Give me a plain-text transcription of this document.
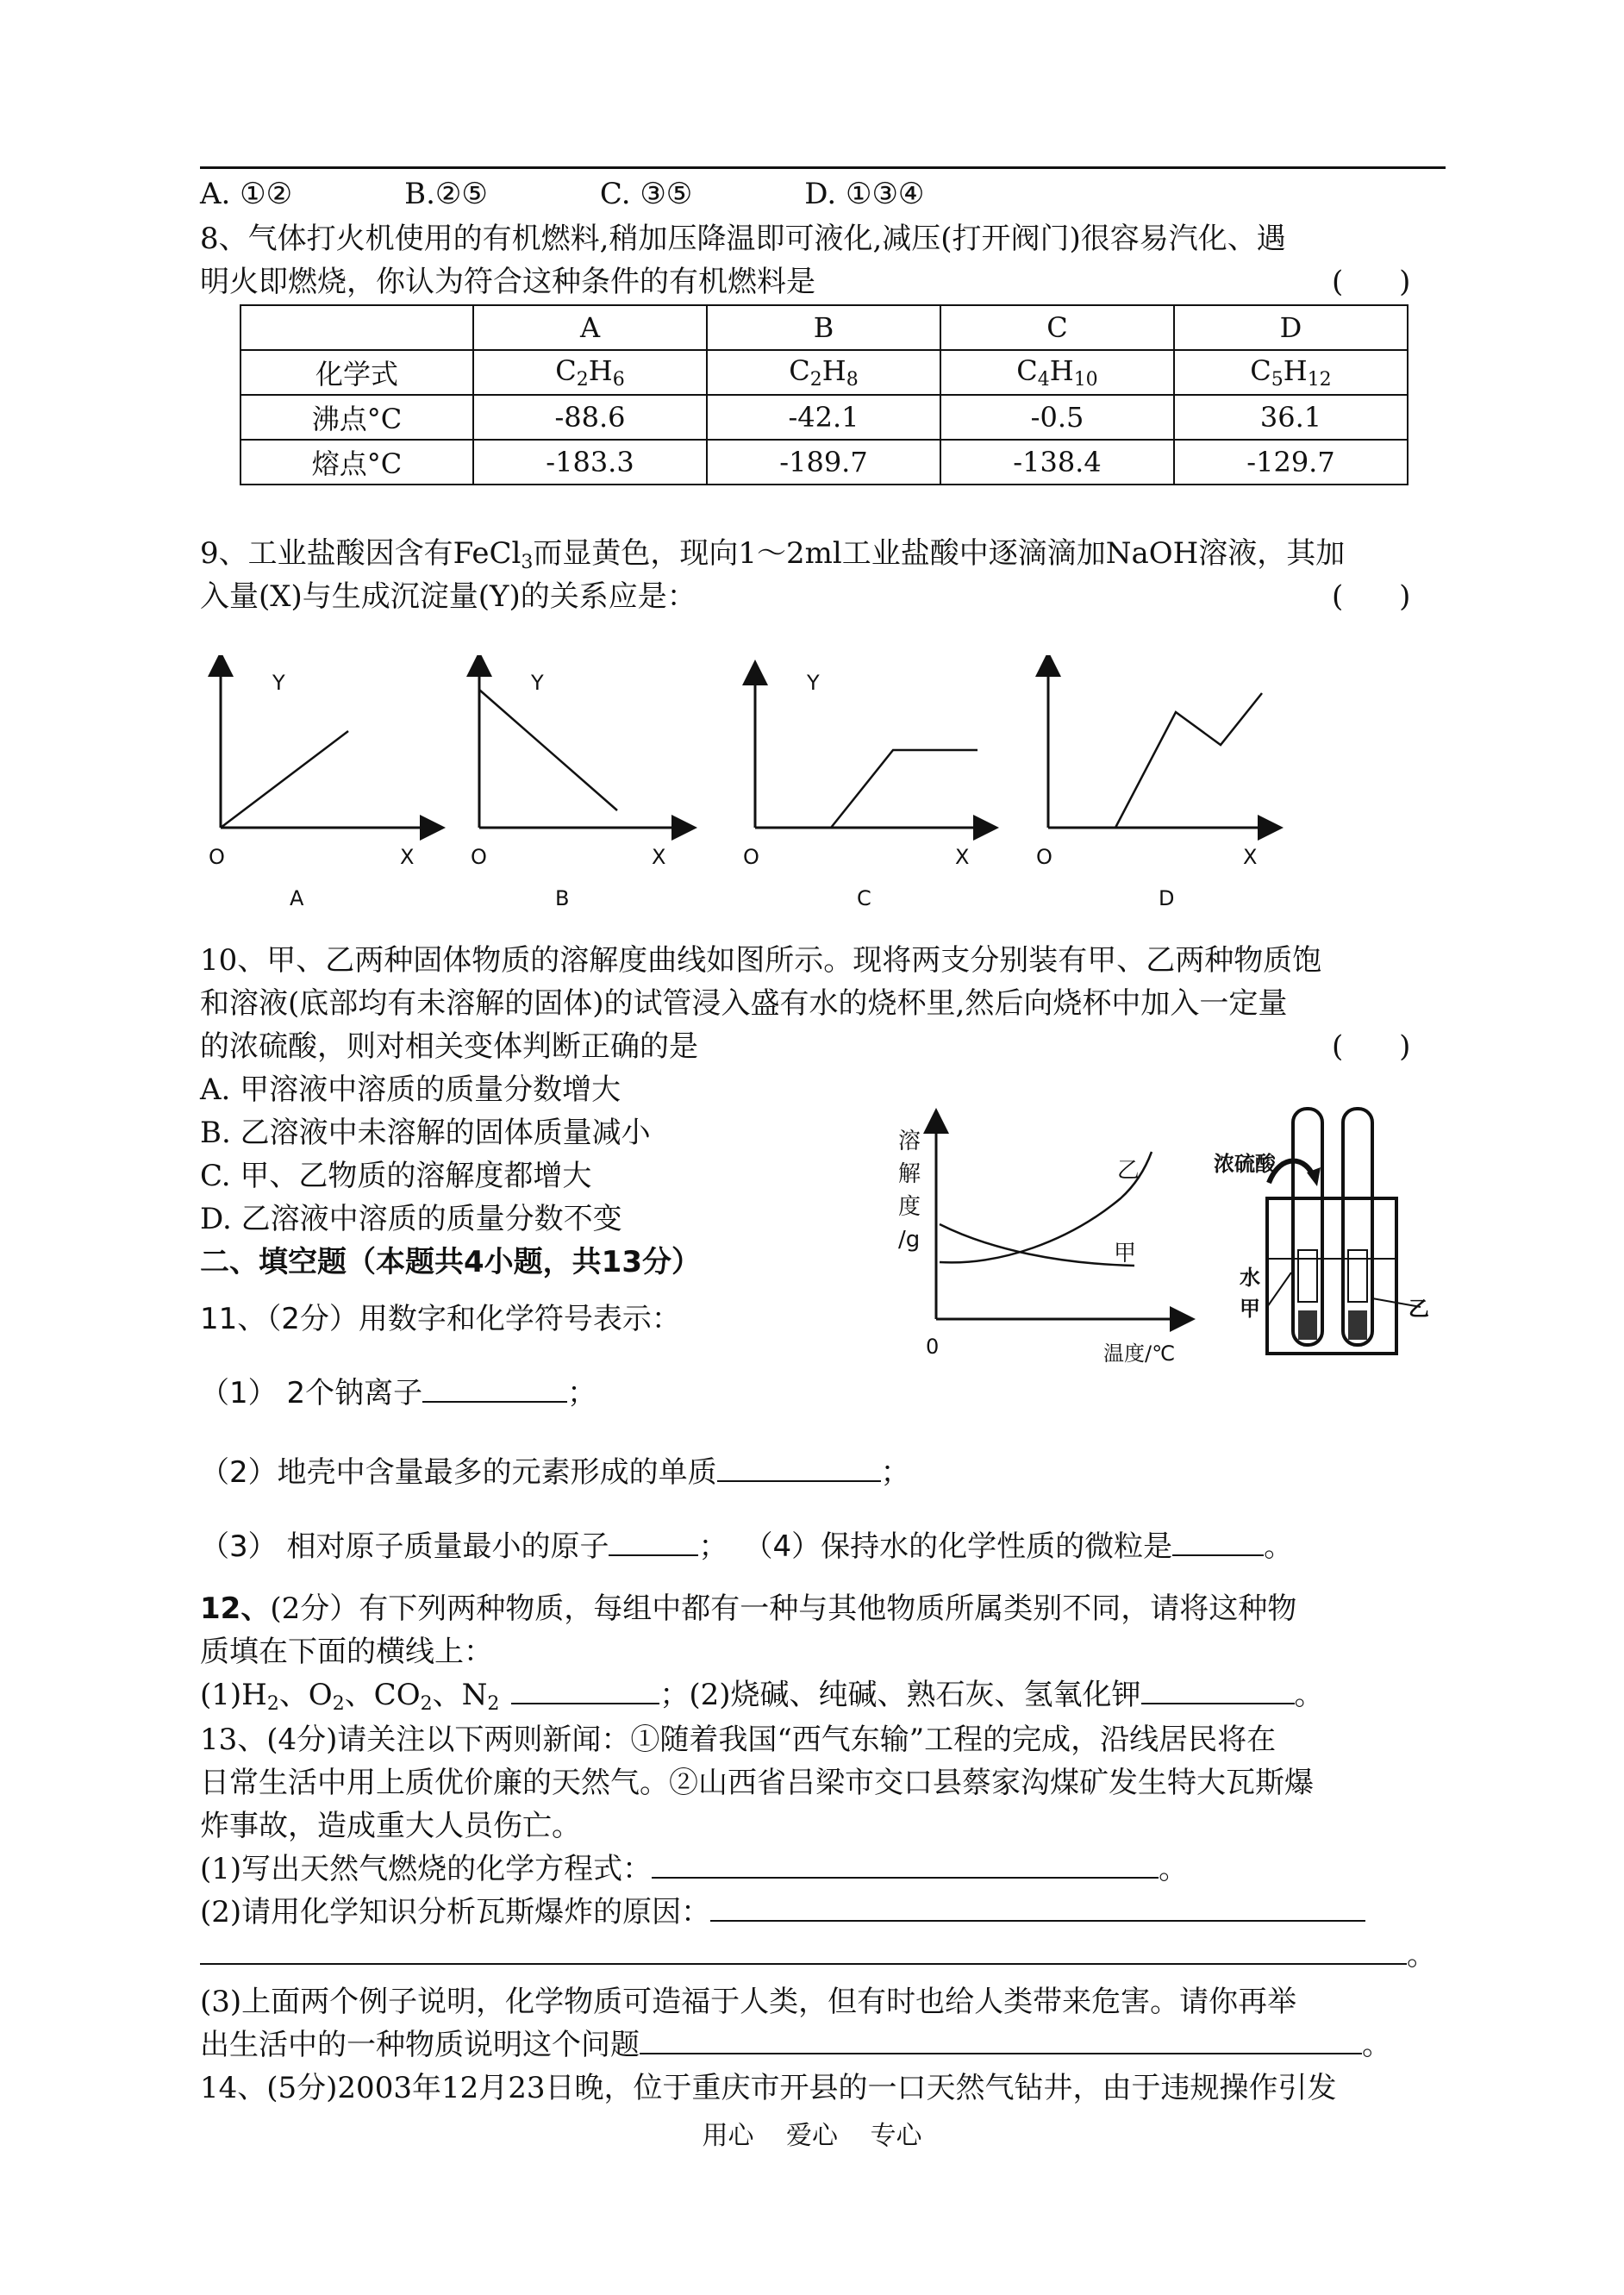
A. ①②	B.②⑤	C. ③⑤	D. ①③④
8、气体打火机使用的有机燃料,稍加压降温即可液化,减压(打开阀门)很容易汽化、遇
明火即燃烧，你认为符合这种条件的有机燃料是	(      )
	A	B	C	D
化学式	$C_2H_6$	$C_2H_8$	$C_4H_{10}$	$C_5H_{12}$
沸点°C	-88.6	-42.1	-0.5	36.1
熔点°C	-183.3	-189.7	-138.4	-129.7
9、工业盐酸因含有FeCl$_3$而显黄色，现向1～2ml工业盐酸中逐滴滴加NaOH溶液，其加
入量(X)与生成沉淀量(Y)的关系应是：	(      )
Y
O	X
A
Y
O	X
B
Y
O	X
C
O	X
D
10、甲、乙两种固体物质的溶解度曲线如图所示。现将两支分别装有甲、乙两种物质饱
和溶液(底部均有未溶解的固体)的试管浸入盛有水的烧杯里,然后向烧杯中加入一定量
的浓硫酸，则对相关变体判断正确的是	(      )
A. 甲溶液中溶质的质量分数增大
B. 乙溶液中未溶解的固体质量减小
C. 甲、乙物质的溶解度都增大
D. 乙溶液中溶质的质量分数不变
溶
解
度
/g
0	温度/℃
乙
甲
浓硫酸
水
甲	乙
二、填空题（本题共4小题，共13分）
11、（2分）用数字和化学符号表示：
（1） 2个钠离子	；
（2）地壳中含量最多的元素形成的单质	；
（3） 相对原子质量最小的原子	； （4）保持水的化学性质的微粒是	。
12、(2分）有下列两种物质，每组中都有一种与其他物质所属类别不同，请将这种物
质填在下面的横线上：
$(1)H_2$、$O_2$、$CO_2$、$N_2$	；(2)烧碱、纯碱、熟石灰、氢氧化钾	。
13、(4分)请关注以下两则新闻：①随着我国“西气东输”工程的完成，沿线居民将在
日常生活中用上质优价廉的天然气。②山西省吕梁市交口县蔡家沟煤矿发生特大瓦斯爆
炸事故，造成重大人员伤亡。
(1)写出天然气燃烧的化学方程式：	。
(2)请用化学知识分析瓦斯爆炸的原因：
。
(3)上面两个例子说明，化学物质可造福于人类，但有时也给人类带来危害。请你再举
出生活中的一种物质说明这个问题	。
14、(5分)2003年12月23日晚，位于重庆市开县的一口天然气钻井，由于违规操作引发
用心 爱心 专心
